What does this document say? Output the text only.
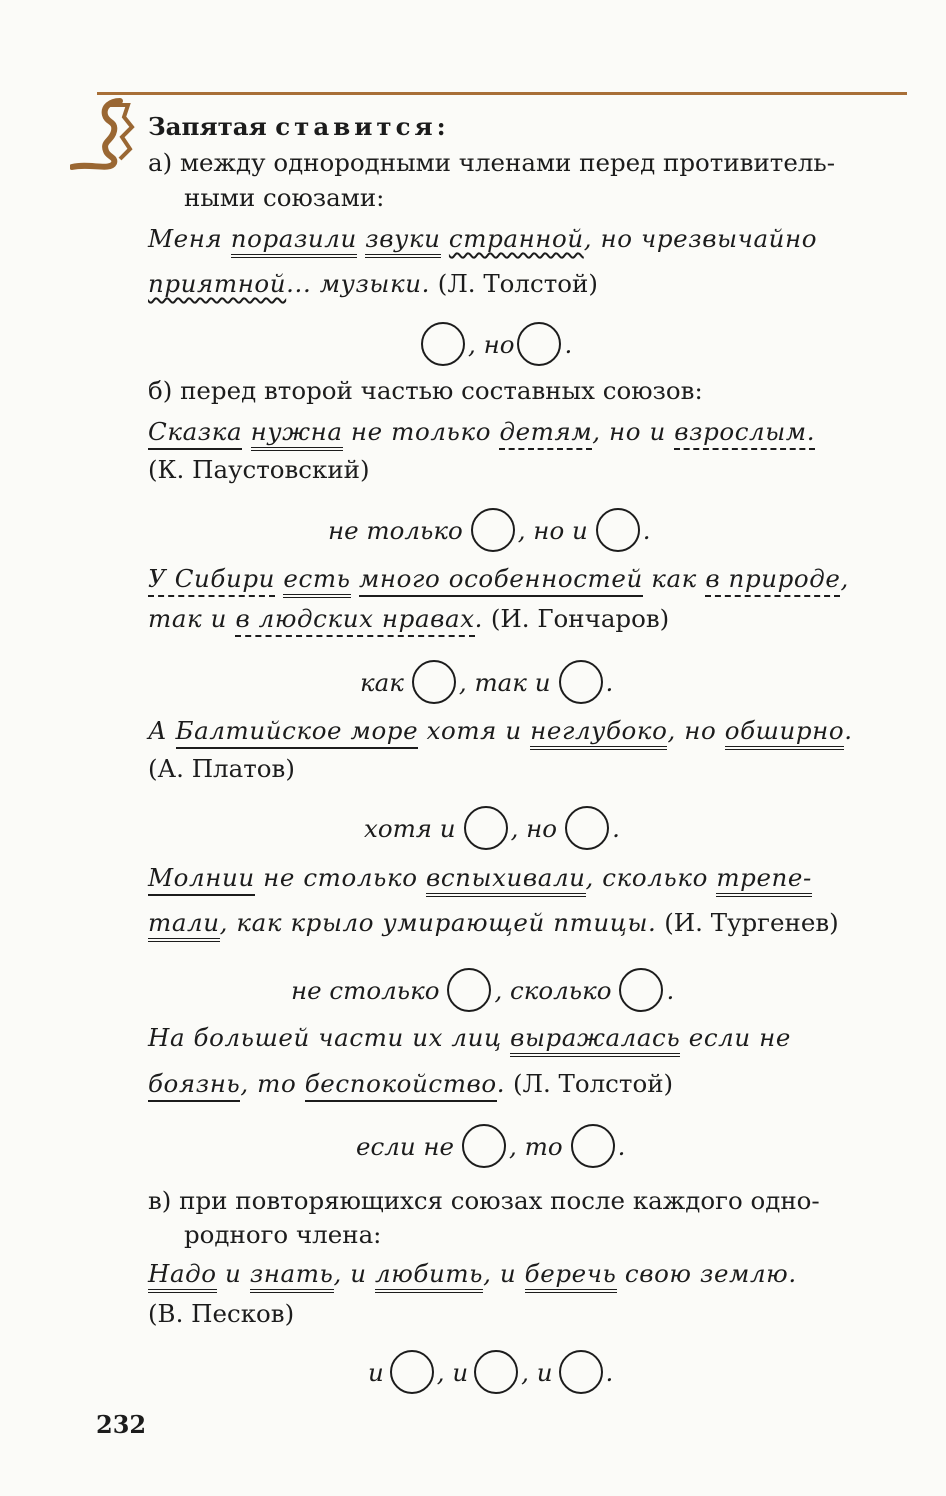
Запятая ставится:
а) между однородными членами перед противитель-
ными союзами:
Меня поразили звуки странной, но чрезвычайно
приятной... музыки. (Л. Толстой)
, но .
б) перед второй частью составных союзов:
Сказка нужна не только детям, но и взрослым.
(К. Паустовский)
не только , но и .
У Сибири есть много особенностей как в природе,
так и в людских нравах. (И. Гончаров)
как , так и .
А Балтийское море хотя и неглубоко, но обширно.
(А. Платов)
хотя и , но .
Молнии не столько вспыхивали, сколько трепе-
тали, как крыло умирающей птицы. (И. Тургенев)
не столько , сколько .
На большей части их лиц выражалась если не
боязнь, то беспокойство. (Л. Толстой)
если не , то .
в) при повторяющихся союзах после каждого одно-
родного члена:
Надо и знать, и любить, и беречь свою землю.
(В. Песков)
и , и , и .
232
